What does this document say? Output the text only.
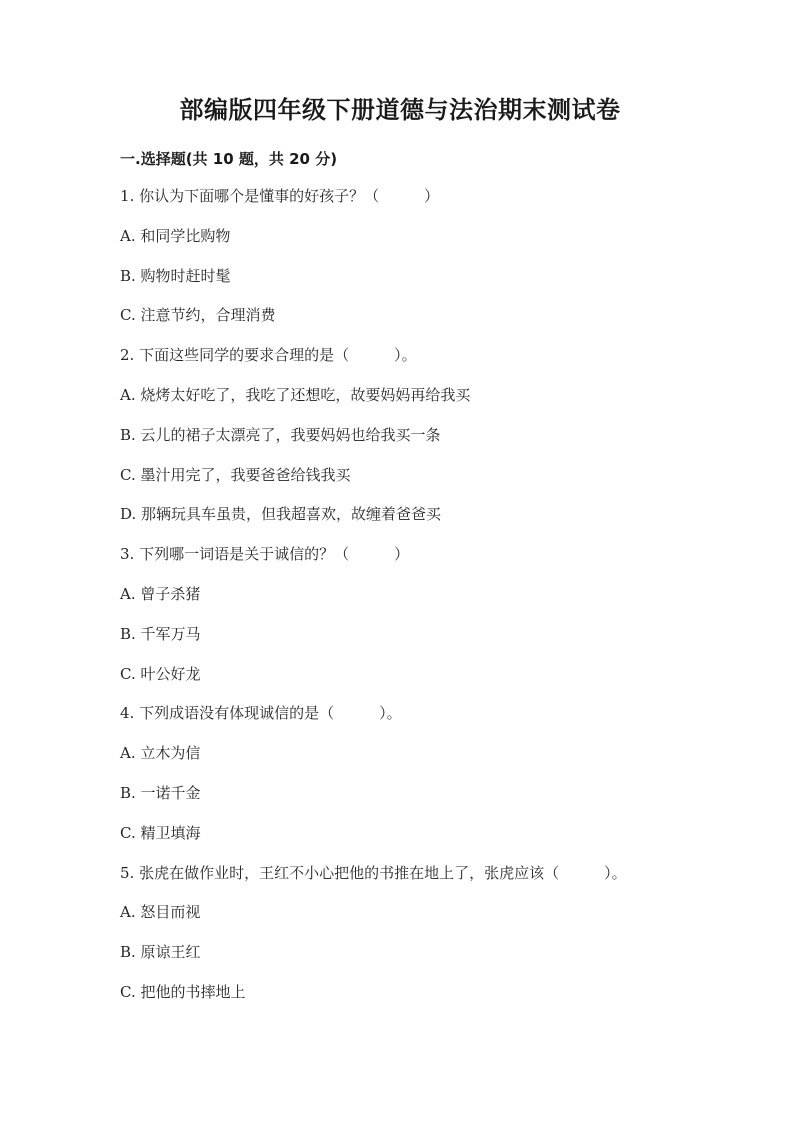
部编版四年级下册道德与法治期末测试卷
一.选择题(共 10 题，共 20 分)
1. 你认为下面哪个是懂事的好孩子？（　　　）
A. 和同学比购物
B. 购物时赶时髦
C. 注意节约，合理消费
2. 下面这些同学的要求合理的是（　　　）。
A. 烧烤太好吃了，我吃了还想吃，故要妈妈再给我买
B. 云儿的裙子太漂亮了，我要妈妈也给我买一条
C. 墨汁用完了，我要爸爸给钱我买
D. 那辆玩具车虽贵，但我超喜欢，故缠着爸爸买
3. 下列哪一词语是关于诚信的？（　　　）
A. 曾子杀猪
B. 千军万马
C. 叶公好龙
4. 下列成语没有体现诚信的是（　　　）。
A. 立木为信
B. 一诺千金
C. 精卫填海
5. 张虎在做作业时，王红不小心把他的书推在地上了，张虎应该（　　　）。
A. 怒目而视
B. 原谅王红
C. 把他的书摔地上
